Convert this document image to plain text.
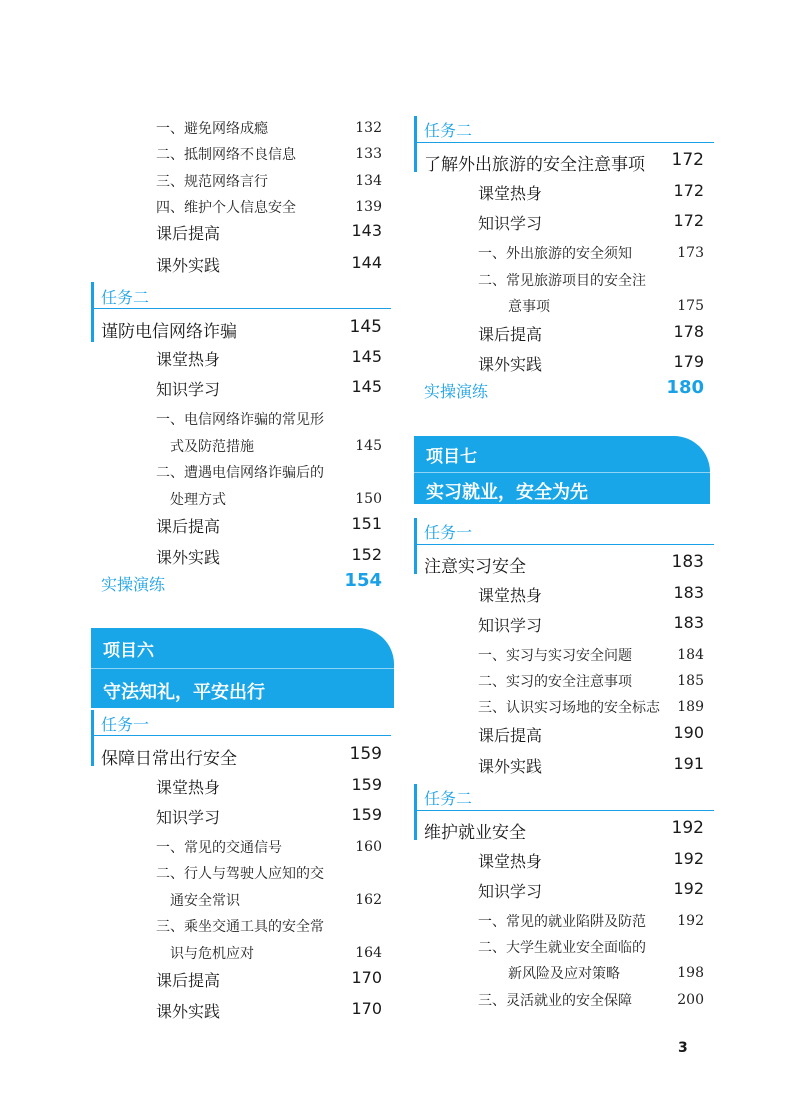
一、避免网络成瘾	132
二、抵制网络不良信息	133
三、规范网络言行	134
四、维护个人信息安全	139
课后提高	143
课外实践	144
任务二
谨防电信网络诈骗	145
课堂热身	145
知识学习	145
一、电信网络诈骗的常见形
式及防范措施	145
二、遭遇电信网络诈骗后的
处理方式	150
课后提高	151
课外实践	152
实操演练	154
项目六
守法知礼，平安出行
任务一
保障日常出行安全	159
课堂热身	159
知识学习	159
一、常见的交通信号	160
二、行人与驾驶人应知的交
通安全常识	162
三、乘坐交通工具的安全常
识与危机应对	164
课后提高	170
课外实践	170
任务二
了解外出旅游的安全注意事项	172
课堂热身	172
知识学习	172
一、外出旅游的安全须知	173
二、常见旅游项目的安全注
意事项	175
课后提高	178
课外实践	179
实操演练	180
项目七
实习就业，安全为先
任务一
注意实习安全	183
课堂热身	183
知识学习	183
一、实习与实习安全问题	184
二、实习的安全注意事项	185
三、认识实习场地的安全标志	189
课后提高	190
课外实践	191
任务二
维护就业安全	192
课堂热身	192
知识学习	192
一、常见的就业陷阱及防范	192
二、大学生就业安全面临的
新风险及应对策略	198
三、灵活就业的安全保障	200
3
